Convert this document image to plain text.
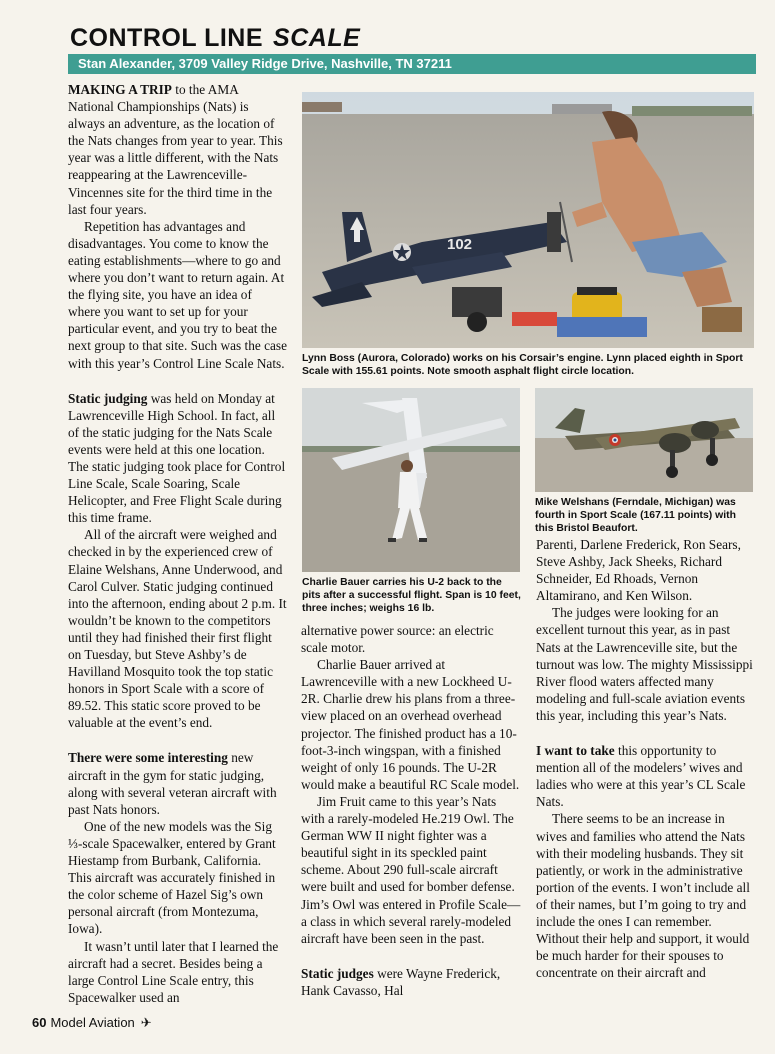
CONTROL LINE SCALE
Stan Alexander, 3709 Valley Ridge Drive, Nashville, TN 37211

MAKING A TRIP to the AMA National Championships (Nats) is always an adventure, as the location of the Nats changes from year to year. This year was a little different, with the Nats reappearing at the Lawrenceville-Vincennes site for the third time in the last four years.

Repetition has advantages and disadvantages. You come to know the eating establishments—where to go and where you don’t want to return again. At the flying site, you have an idea of where you want to set up for your particular event, and you try to beat the next group to that site. Such was the case with this year’s Control Line Scale Nats.

Static judging was held on Monday at Lawrenceville High School. In fact, all of the static judging for the Nats Scale events were held at this one location. The static judging took place for Control Line Scale, Scale Soaring, Scale Helicopter, and Free Flight Scale during this time frame.

All of the aircraft were weighed and checked in by the experienced crew of Elaine Welshans, Anne Underwood, and Carol Culver. Static judging continued into the afternoon, ending about 2 p.m. It wouldn’t be known to the competitors until they had finished their first flight on Tuesday, but Steve Ashby’s de Havilland Mosquito took the top static honors in Sport Scale with a score of 89.52. This static score proved to be valuable at the event’s end.

There were some interesting new aircraft in the gym for static judging, along with several veteran aircraft with past Nats honors.

One of the new models was the Sig ⅓-scale Spacewalker, entered by Grant Hiestamp from Burbank, California. This aircraft was accurately finished in the color scheme of Hazel Sig’s own personal aircraft (from Montezuma, Iowa).

It wasn’t until later that I learned the aircraft had a secret. Besides being a large Control Line Scale entry, this Spacewalker used an

102
Lynn Boss (Aurora, Colorado) works on his Corsair’s engine. Lynn placed eighth in Sport Scale with 155.61 points. Note smooth asphalt flight circle location.
Charlie Bauer carries his U-2 back to the pits after a successful flight. Span is 10 feet, three inches; weighs 16 lb.
Mike Welshans (Ferndale, Michigan) was fourth in Sport Scale (167.11 points) with this Bristol Beaufort.

alternative power source: an electric scale motor.

Charlie Bauer arrived at Lawrenceville with a new Lockheed U-2R. Charlie drew his plans from a three-view placed on an overhead overhead projector. The finished product has a 10-foot-3-inch wingspan, with a finished weight of only 16 pounds. The U-2R would make a beautiful RC Scale model.

Jim Fruit came to this year’s Nats with a rarely-modeled He.219 Owl. The German WW II night fighter was a beautiful sight in its speckled paint scheme. About 290 full-scale aircraft were built and used for bomber defense. Jim’s Owl was entered in Profile Scale—a class in which several rarely-modeled aircraft have been seen in the past.

Static judges were Wayne Frederick, Hank Cavasso, Hal

Parenti, Darlene Frederick, Ron Sears, Steve Ashby, Jack Sheeks, Richard Schneider, Ed Rhoads, Vernon Altamirano, and Ken Wilson.

The judges were looking for an excellent turnout this year, as in past Nats at the Lawrenceville site, but the turnout was low. The mighty Mississippi River flood waters affected many modeling and full-scale aviation events this year, including this year’s Nats.

I want to take this opportunity to mention all of the modelers’ wives and ladies who were at this year’s CL Scale Nats.

There seems to be an increase in wives and families who attend the Nats with their modeling husbands. They sit patiently, or work in the administrative portion of the events. I won’t include all of their names, but I’m going to try and include the ones I can remember. Without their help and support, it would be much harder for their spouses to concentrate on their aircraft and

60 Model Aviation ✈
